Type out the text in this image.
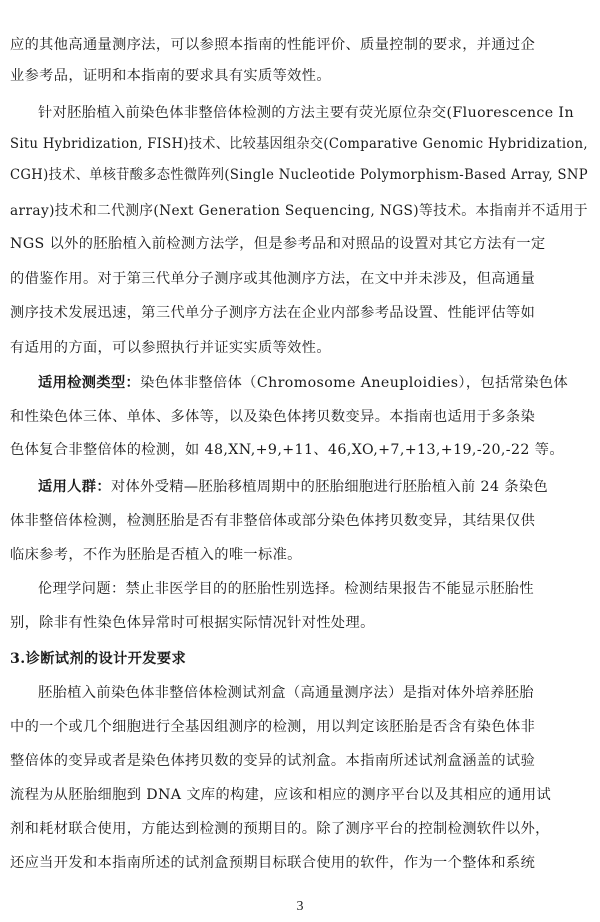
应的其他高通量测序法，可以参照本指南的性能评价、质量控制的要求，并通过企
业参考品，证明和本指南的要求具有实质等效性。
针对胚胎植入前染色体非整倍体检测的方法主要有荧光原位杂交(Fluorescence In
Situ Hybridization, FISH)技术、比较基因组杂交(Comparative Genomic Hybridization,
CGH)技术、单核苷酸多态性微阵列(Single Nucleotide Polymorphism-Based Array, SNP
array)技术和二代测序(Next Generation Sequencing, NGS)等技术。本指南并不适用于
NGS 以外的胚胎植入前检测方法学，但是参考品和对照品的设置对其它方法有一定
的借鉴作用。对于第三代单分子测序或其他测序方法，在文中并未涉及，但高通量
测序技术发展迅速，第三代单分子测序方法在企业内部参考品设置、性能评估等如
有适用的方面，可以参照执行并证实实质等效性。
适用检测类型：染色体非整倍体（Chromosome Aneuploidies），包括常染色体
和性染色体三体、单体、多体等，以及染色体拷贝数变异。本指南也适用于多条染
色体复合非整倍体的检测，如 48,XN,+9,+11、46,XO,+7,+13,+19,-20,-22 等。
适用人群：对体外受精—胚胎移植周期中的胚胎细胞进行胚胎植入前 24 条染色
体非整倍体检测，检测胚胎是否有非整倍体或部分染色体拷贝数变异，其结果仅供
临床参考，不作为胚胎是否植入的唯一标准。
伦理学问题：禁止非医学目的的胚胎性别选择。检测结果报告不能显示胚胎性
别，除非有性染色体异常时可根据实际情况针对性处理。
3.诊断试剂的设计开发要求
胚胎植入前染色体非整倍体检测试剂盒（高通量测序法）是指对体外培养胚胎
中的一个或几个细胞进行全基因组测序的检测，用以判定该胚胎是否含有染色体非
整倍体的变异或者是染色体拷贝数的变异的试剂盒。本指南所述试剂盒涵盖的试验
流程为从胚胎细胞到 DNA 文库的构建，应该和相应的测序平台以及其相应的通用试
剂和耗材联合使用，方能达到检测的预期目的。除了测序平台的控制检测软件以外，
还应当开发和本指南所述的试剂盒预期目标联合使用的软件，作为一个整体和系统
3
